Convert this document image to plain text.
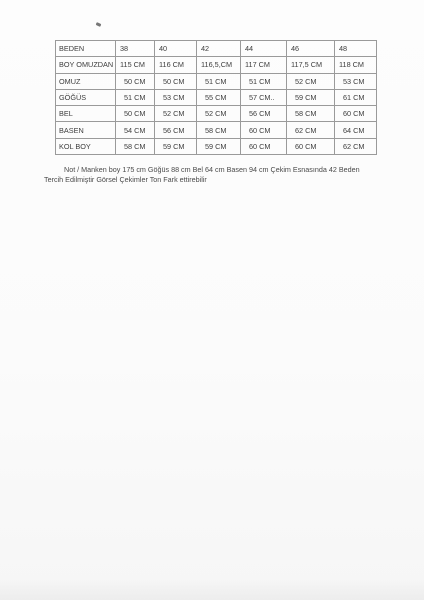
BEDEN	38	40	42	44	46	48
BOY OMUZDAN	115 CM	116 CM	116,5,CM	117 CM	117,5 CM	118 CM
OMUZ	50 CM	50 CM	51 CM	51 CM	52 CM	53 CM
GÖĞÜS	51 CM	53 CM	55 CM	57 CM..	59 CM	61 CM
BEL	50 CM	52 CM	52 CM	56 CM	58 CM	60 CM
BASEN	54 CM	56 CM	58 CM	60 CM	62 CM	64 CM
KOL BOY	58 CM	59 CM	59 CM	60 CM	60 CM	62 CM
Not / Manken boy 175 cm Göğüs 88 cm Bel 64 cm Basen 94 cm Çekim Esnasında 42 Beden
Tercih Edilmiştir Görsel Çekimler Ton Fark ettirebilir
